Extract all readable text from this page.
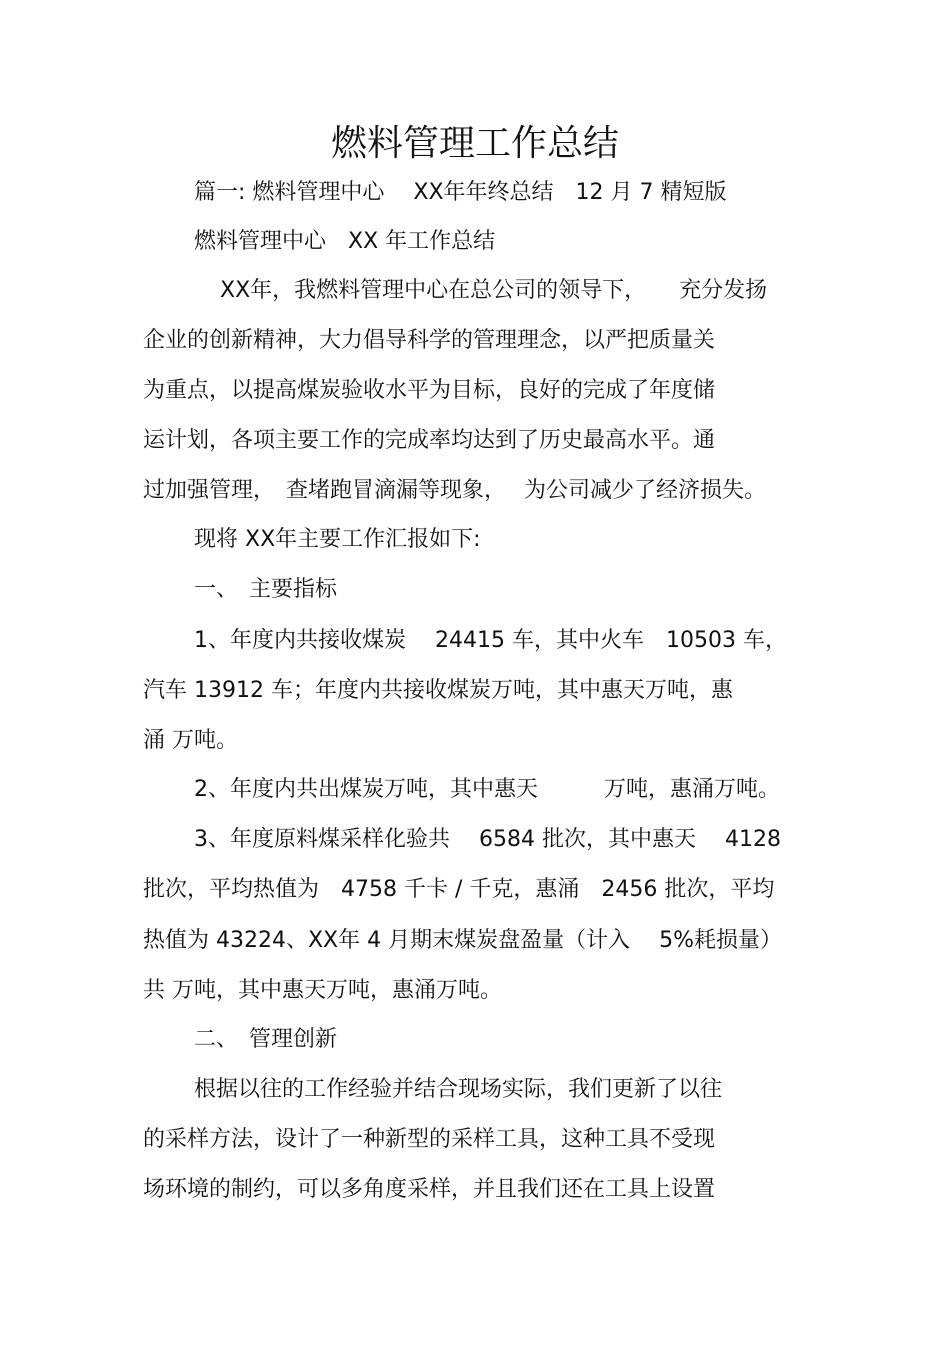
燃料管理工作总结
篇一: 燃料管理中心　 XX年年终总结　12 月 7 精短版
燃料管理中心　XX 年工作总结
XX年，我燃料管理中心在总公司的领导下，　　充分发扬
企业的创新精神，大力倡导科学的管理理念，以严把质量关
为重点，以提高煤炭验收水平为目标，良好的完成了年度储
运计划，各项主要工作的完成率均达到了历史最高水平。通
过加强管理，　查堵跑冒滴漏等现象，　 为公司减少了经济损失。
现将 XX年主要工作汇报如下:
一、　主要指标
1、年度内共接收煤炭　 24415 车，其中火车　10503 车，
汽车 13912 车；年度内共接收煤炭万吨，其中惠天万吨，惠
涌 万吨。
2、年度内共出煤炭万吨，其中惠天　　　万吨，惠涌万吨。
3、年度原料煤采样化验共　 6584 批次，其中惠天　 4128
批次，平均热值为　4758 千卡 / 千克，惠涌　2456 批次，平均
热值为 43224、XX年 4 月期末煤炭盘盈量（计入　 5%耗损量）
共 万吨，其中惠天万吨，惠涌万吨。
二、　管理创新
根据以往的工作经验并结合现场实际，我们更新了以往
的采样方法，设计了一种新型的采样工具，这种工具不受现
场环境的制约，可以多角度采样，并且我们还在工具上设置
